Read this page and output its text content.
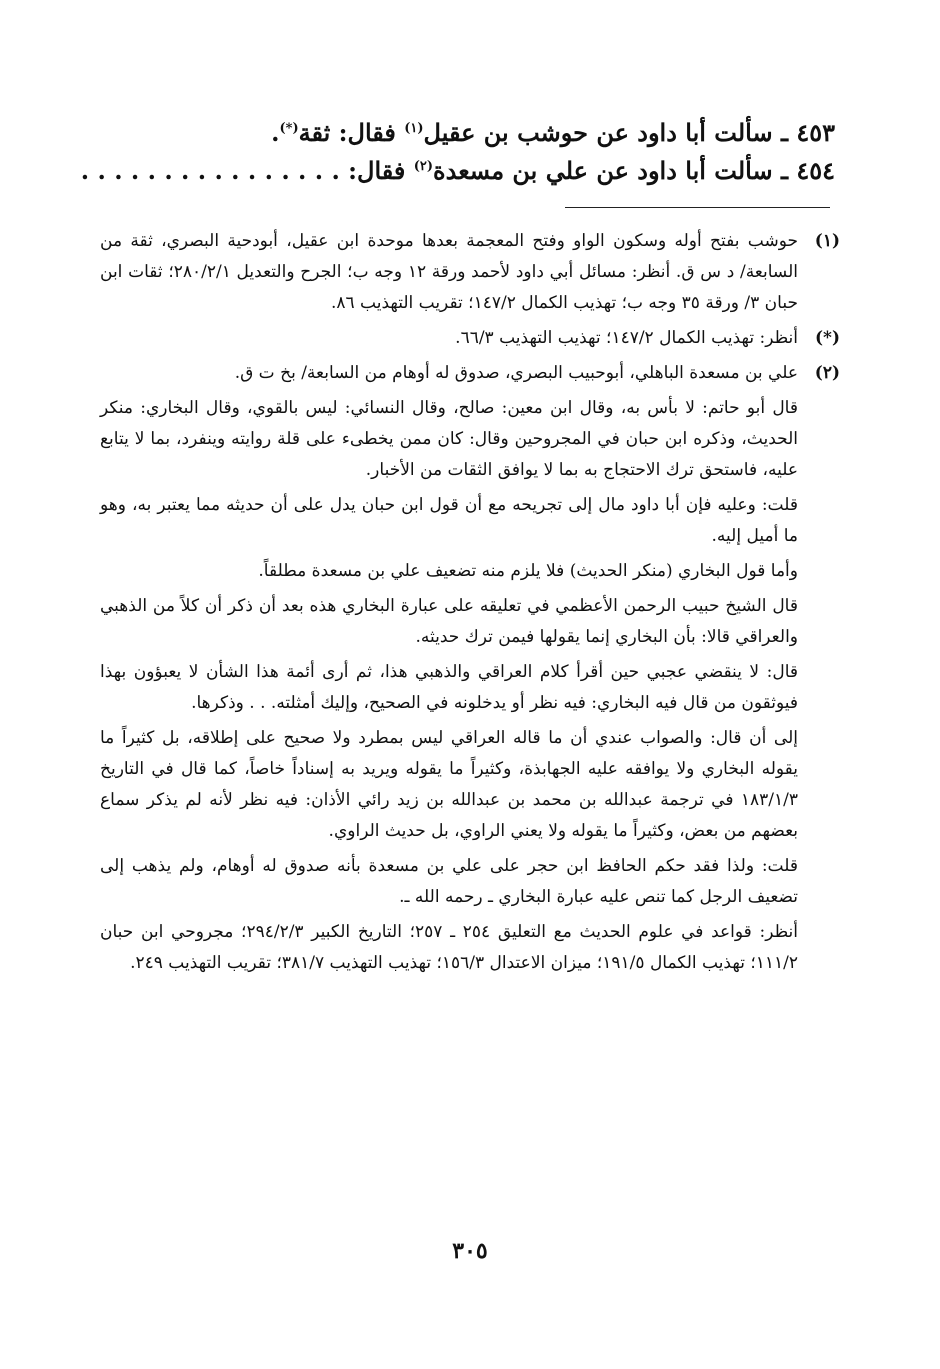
٤٥٣ ـ سألت أبا داود عن حوشب بن عقيل$^{(١)}$ فقال: ثقة(*).
٤٥٤ ـ سألت أبا داود عن علي بن مسعدة$^{(٢)}$ فقال: . . . . . . . . . . . . . . . .
(١)
حوشب بفتح أوله وسكون الواو وفتح المعجمة بعدها موحدة ابن عقيل، أبودحية البصري، ثقة من السابعة/ د س ق. أنظر: مسائل أبي داود لأحمد ورقة ١٢ وجه ب؛ الجرح والتعديل ٢٨٠/٢/١؛ ثقات ابن حبان ٣/ ورقة ٣٥ وجه ب؛ تهذيب الكمال ١٤٧/٢؛ تقريب التهذيب ٨٦.
(*)
أنظر: تهذيب الكمال ١٤٧/٢؛ تهذيب التهذيب ٦٦/٣.
(٢)
علي بن مسعدة الباهلي، أبوحبيب البصري، صدوق له أوهام من السابعة/ بخ ت ق.

قال أبو حاتم: لا بأس به، وقال ابن معين: صالح، وقال النسائي: ليس بالقوي، وقال البخاري: منكر الحديث، وذكره ابن حبان في المجروحين وقال: كان ممن يخطىء على قلة روايته وينفرد، بما لا يتابع عليه، فاستحق ترك الاحتجاج به بما لا يوافق الثقات من الأخبار.

قلت: وعليه فإن أبا داود مال إلى تجريحه مع أن قول ابن حبان يدل على أن حديثه مما يعتبر به، وهو ما أميل إليه.

وأما قول البخاري (منكر الحديث) فلا يلزم منه تضعيف علي بن مسعدة مطلقاً.

قال الشيخ حبيب الرحمن الأعظمي في تعليقه على عبارة البخاري هذه بعد أن ذكر أن كلاً من الذهبي والعراقي قالا: بأن البخاري إنما يقولها فيمن ترك حديثه.

قال: لا ينقضي عجبي حين أقرأ كلام العراقي والذهبي هذا، ثم أرى أئمة هذا الشأن لا يعبؤون بهذا فيوثقون من قال فيه البخاري: فيه نظر أو يدخلونه في الصحيح، وإليك أمثلته. . . وذكرها.

إلى أن قال: والصواب عندي أن ما قاله العراقي ليس بمطرد ولا صحيح على إطلاقه، بل كثيراً ما يقوله البخاري ولا يوافقه عليه الجهابذة، وكثيراً ما يقوله ويريد به إسناداً خاصاً، كما قال في التاريخ ١٨٣/١/٣ في ترجمة عبدالله بن محمد بن عبدالله بن زيد رائي الأذان: فيه نظر لأنه لم يذكر سماع بعضهم من بعض، وكثيراً ما يقوله ولا يعني الراوي، بل حديث الراوي.

قلت: ولذا فقد حكم الحافظ ابن حجر على علي بن مسعدة بأنه صدوق له أوهام، ولم يذهب إلى تضعيف الرجل كما تنص عليه عبارة البخاري ـ رحمه الله ـ.

أنظر: قواعد في علوم الحديث مع التعليق ٢٥٤ ـ ٢٥٧؛ التاريخ الكبير ٢٩٤/٢/٣؛ مجروحي ابن حبان ١١١/٢؛ تهذيب الكمال ١٩١/٥؛ ميزان الاعتدال ١٥٦/٣؛ تهذيب التهذيب ٣٨١/٧؛ تقريب التهذيب ٢٤٩.

٣٠٥
